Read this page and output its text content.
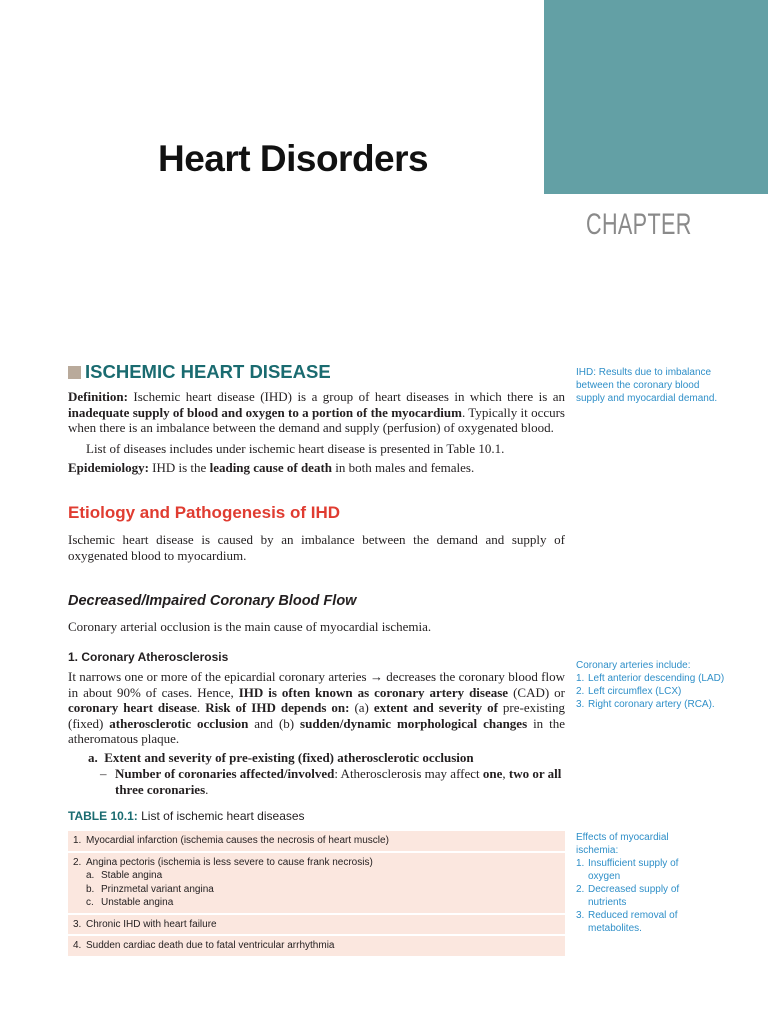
Heart Disorders
CHAPTER
ISCHEMIC HEART DISEASE
Definition: Ischemic heart disease (IHD) is a group of heart diseases in which there is an inadequate supply of blood and oxygen to a portion of the myocardium. Typically it occurs when there is an imbalance between the demand and supply (perfusion) of oxygenated blood.
List of diseases includes under ischemic heart disease is presented in Table 10.1.
Epidemiology: IHD is the leading cause of death in both males and females.
Etiology and Pathogenesis of IHD
Ischemic heart disease is caused by an imbalance between the demand and supply of oxygenated blood to myocardium.
Decreased/Impaired Coronary Blood Flow
Coronary arterial occlusion is the main cause of myocardial ischemia.
1. Coronary Atherosclerosis
It narrows one or more of the epicardial coronary arteries → decreases the coronary blood flow in about 90% of cases. Hence, IHD is often known as coronary artery disease (CAD) or coronary heart disease. Risk of IHD depends on: (a) extent and severity of pre-existing (fixed) atherosclerotic occlusion and (b) sudden/dynamic morphological changes in the atheromatous plaque.
a. Extent and severity of pre-existing (fixed) atherosclerotic occlusion
– Number of coronaries affected/involved: Atherosclerosis may affect one, two or all three coronaries.
TABLE 10.1: List of ischemic heart diseases
1. Myocardial infarction (ischemia causes the necrosis of heart muscle)
2. Angina pectoris (ischemia is less severe to cause frank necrosis)
a. Stable angina
b. Prinzmetal variant angina
c. Unstable angina
3. Chronic IHD with heart failure
4. Sudden cardiac death due to fatal ventricular arrhythmia
IHD: Results due to imbalance between the coronary blood supply and myocardial demand.
Coronary arteries include:
1. Left anterior descending (LAD)
2. Left circumflex (LCX)
3. Right coronary artery (RCA).
Effects of myocardial ischemia:
1. Insufficient supply of oxygen
2. Decreased supply of nutrients
3. Reduced removal of metabolites.
